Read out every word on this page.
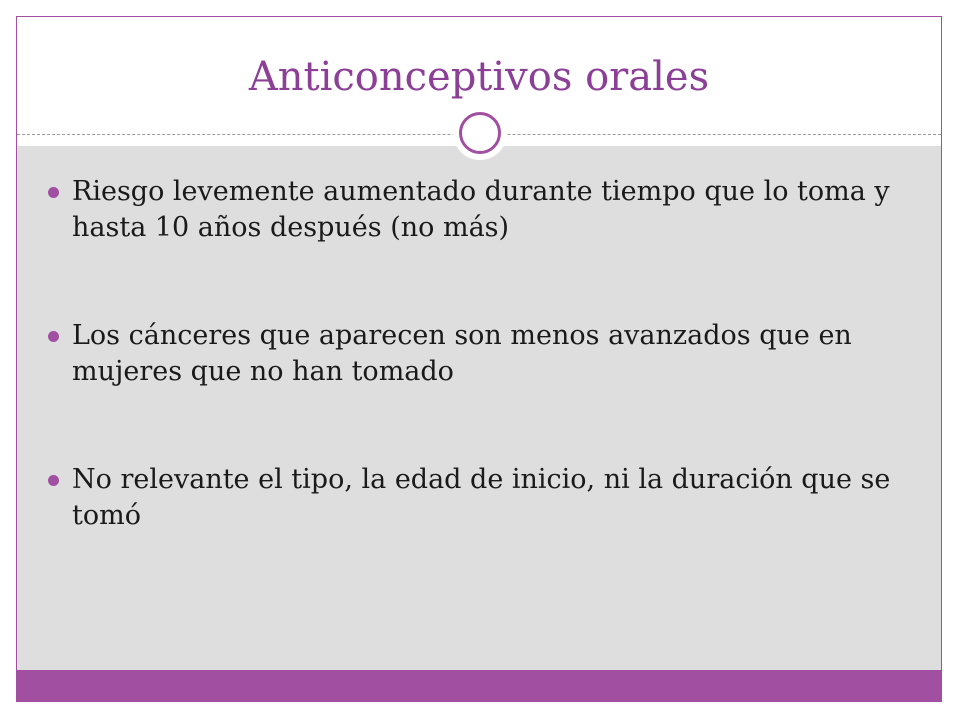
Anticonceptivos orales
Riesgo levemente aumentado durante tiempo que lo toma y hasta 10 años después (no más)
Los cánceres que aparecen son menos avanzados que en mujeres que no han tomado
No relevante el tipo, la edad de inicio, ni la duración que se tomó
